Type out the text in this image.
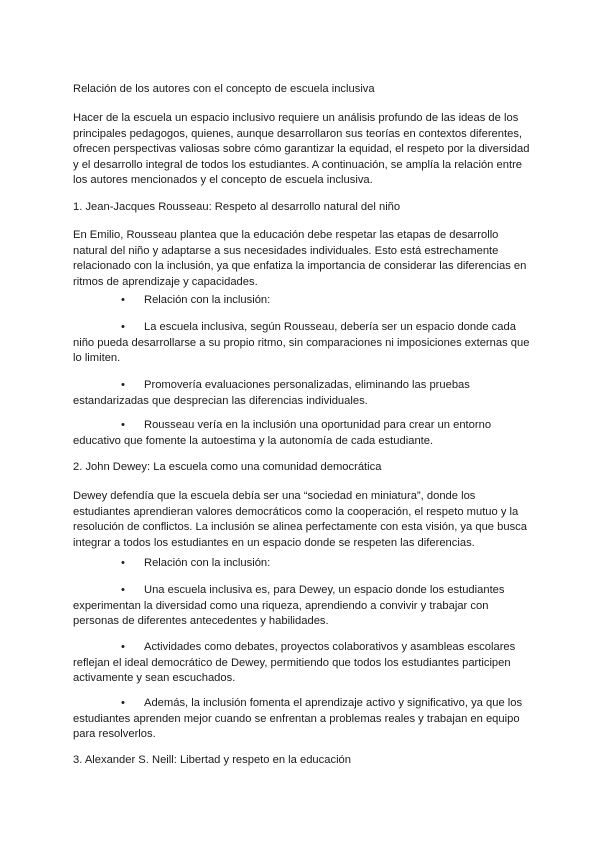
Relación de los autores con el concepto de escuela inclusiva

Hacer de la escuela un espacio inclusivo requiere un análisis profundo de las ideas de los principales pedagogos, quienes, aunque desarrollaron sus teorías en contextos diferentes, ofrecen perspectivas valiosas sobre cómo garantizar la equidad, el respeto por la diversidad y el desarrollo integral de todos los estudiantes. A continuación, se amplía la relación entre los autores mencionados y el concepto de escuela inclusiva.

1. Jean-Jacques Rousseau: Respeto al desarrollo natural del niño

En Emilio, Rousseau plantea que la educación debe respetar las etapas de desarrollo natural del niño y adaptarse a sus necesidades individuales. Esto está estrechamente relacionado con la inclusión, ya que enfatiza la importancia de considerar las diferencias en ritmos de aprendizaje y capacidades.

• Relación con la inclusión:

• La escuela inclusiva, según Rousseau, debería ser un espacio donde cada niño pueda desarrollarse a su propio ritmo, sin comparaciones ni imposiciones externas que lo limiten.

• Promovería evaluaciones personalizadas, eliminando las pruebas estandarizadas que desprecian las diferencias individuales.

• Rousseau vería en la inclusión una oportunidad para crear un entorno educativo que fomente la autoestima y la autonomía de cada estudiante.

2. John Dewey: La escuela como una comunidad democrática

Dewey defendía que la escuela debía ser una “sociedad en miniatura”, donde los estudiantes aprendieran valores democráticos como la cooperación, el respeto mutuo y la resolución de conflictos. La inclusión se alinea perfectamente con esta visión, ya que busca integrar a todos los estudiantes en un espacio donde se respeten las diferencias.

• Relación con la inclusión:

• Una escuela inclusiva es, para Dewey, un espacio donde los estudiantes experimentan la diversidad como una riqueza, aprendiendo a convivir y trabajar con personas de diferentes antecedentes y habilidades.

• Actividades como debates, proyectos colaborativos y asambleas escolares reflejan el ideal democrático de Dewey, permitiendo que todos los estudiantes participen activamente y sean escuchados.

• Además, la inclusión fomenta el aprendizaje activo y significativo, ya que los estudiantes aprenden mejor cuando se enfrentan a problemas reales y trabajan en equipo para resolverlos.

3. Alexander S. Neill: Libertad y respeto en la educación
